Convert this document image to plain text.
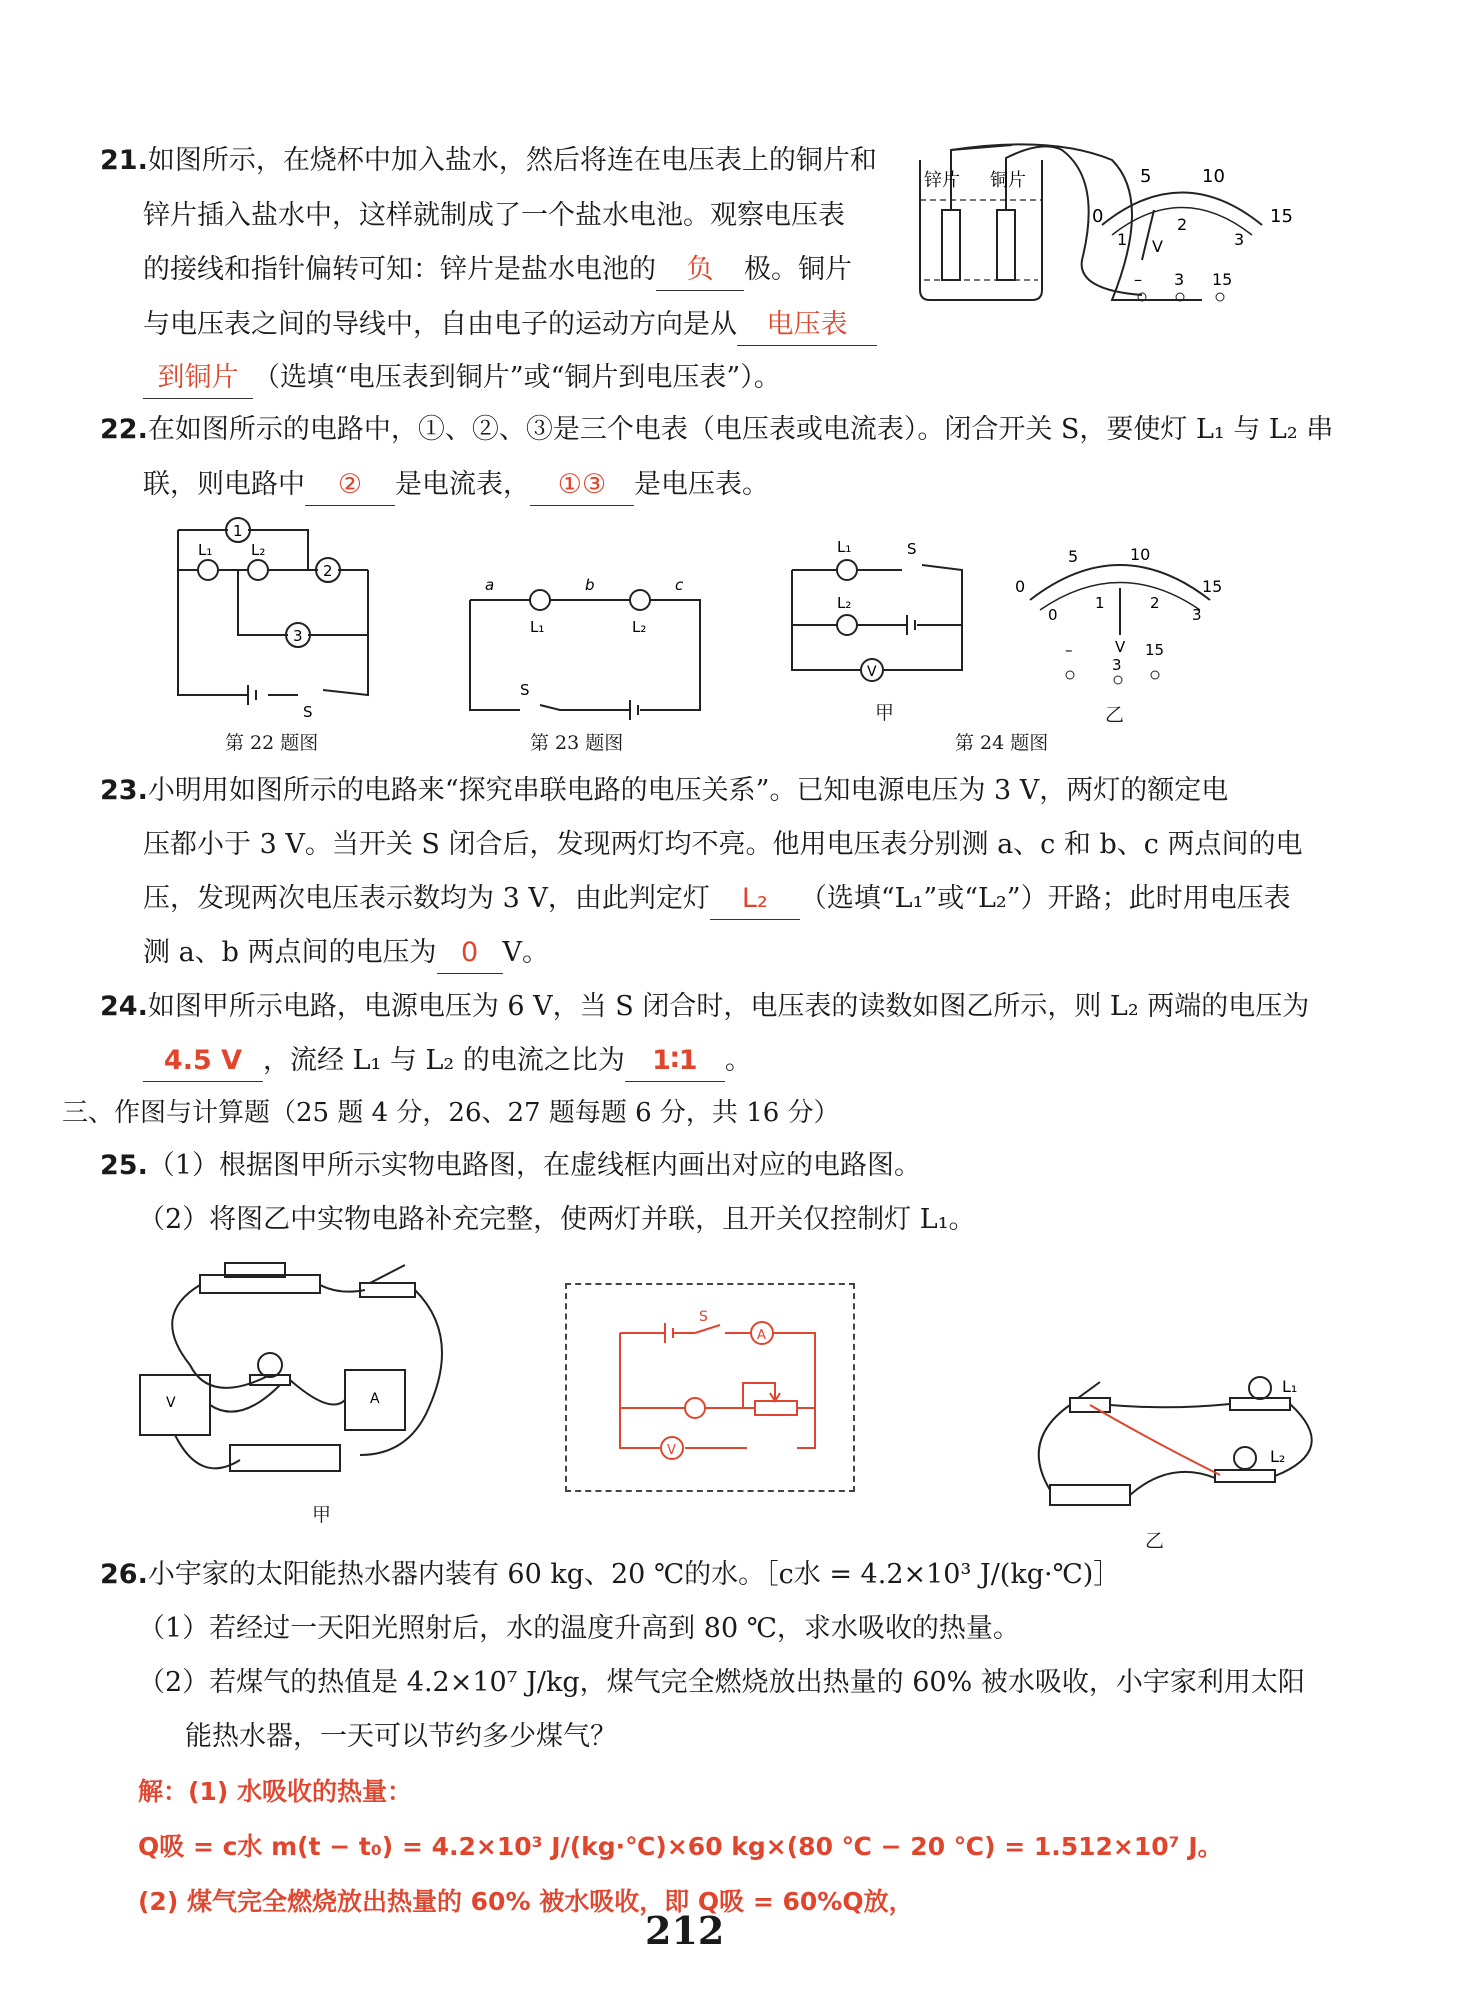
21.如图所示，在烧杯中加入盐水，然后将连在电压表上的铜片和
锌片插入盐水中，这样就制成了一个盐水电池。观察电压表
的接线和指针偏转可知：锌片是盐水电池的 负 极。铜片
与电压表之间的导线中，自由电子的运动方向是从 电压表
到铜片 （选填“电压表到铜片”或“铜片到电压表”）。
锌片 铜片
0
5	10
15
1
2
3
V
– 3 15
22.在如图所示的电路中，①、②、③是三个电表（电压表或电流表）。闭合开关 S，要使灯 L₁ 与 L₂ 串
联，则电路中 ② 是电流表， ①③ 是电压表。
1
2
3
L₁	L₂
S
第 22 题图
a	b	c
L₁	L₂
S
第 23 题图
L₁
L₂
S
V
甲
0
5	10
15
0
1	2
3
V
–
3
15
乙
第 24 题图
23.小明用如图所示的电路来“探究串联电路的电压关系”。已知电源电压为 3 V，两灯的额定电
压都小于 3 V。当开关 S 闭合后，发现两灯均不亮。他用电压表分别测 a、c 和 b、c 两点间的电
压，发现两次电压表示数均为 3 V，由此判定灯 L₂ （选填“L₁”或“L₂”）开路；此时用电压表
测 a、b 两点间的电压为 0 V。
24.如图甲所示电路，电源电压为 6 V，当 S 闭合时，电压表的读数如图乙所示，则 L₂ 两端的电压为
4.5 V ，流经 L₁ 与 L₂ 的电流之比为 1∶1 。
三、作图与计算题（25 题 4 分，26、27 题每题 6 分，共 16 分）
25.（1）根据图甲所示实物电路图，在虚线框内画出对应的电路图。
（2）将图乙中实物电路补充完整，使两灯并联，且开关仅控制灯 L₁。
V	A
甲
A
V
S
L₁
L₂
乙
26.小宇家的太阳能热水器内装有 60 kg、20 ℃的水。［c水 = 4.2×10³ J/(kg·℃)］
（1）若经过一天阳光照射后，水的温度升高到 80 ℃，求水吸收的热量。
（2）若煤气的热值是 4.2×10⁷ J/kg，煤气完全燃烧放出热量的 60% 被水吸收，小宇家利用太阳
能热水器，一天可以节约多少煤气？
解：(1) 水吸收的热量：
Q吸 = c水 m(t − t₀) = 4.2×10³ J/(kg·℃)×60 kg×(80 ℃ − 20 ℃) = 1.512×10⁷ J。
(2) 煤气完全燃烧放出热量的 60% 被水吸收，即 Q吸 = 60%Q放，
212
